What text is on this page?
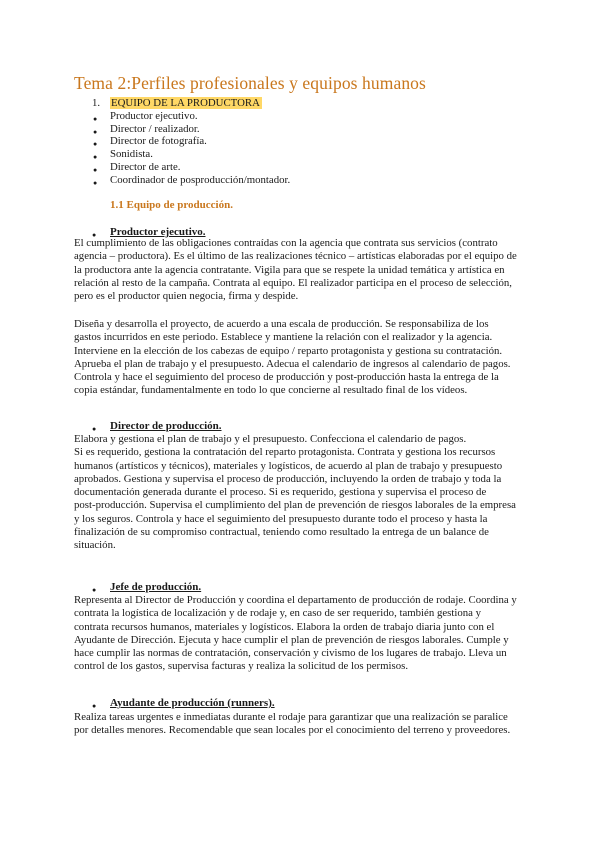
Tema 2:Perfiles profesionales y equipos humanos
1. EQUIPO DE LA PRODUCTORA
● Productor ejecutivo.
● Director / realizador.
● Director de fotografía.
● Sonidista.
● Director de arte.
● Coordinador de posproducción/montador.
1.1 Equipo de producción.
● Productor ejecutivo.
El cumplimiento de las obligaciones contraídas con la agencia que contrata sus servicios (contrato
agencia – productora). Es el último de las realizaciones técnico – artísticas elaboradas por el equipo de
la productora ante la agencia contratante. Vigila para que se respete la unidad temática y artística en
relación al resto de la campaña. Contrata al equipo. El realizador participa en el proceso de selección,
pero es el productor quien negocia, firma y despide.
Diseña y desarrolla el proyecto, de acuerdo a una escala de producción. Se responsabiliza de los
gastos incurridos en este periodo. Establece y mantiene la relación con el realizador y la agencia.
Interviene en la elección de los cabezas de equipo / reparto protagonista y gestiona su contratación.
Aprueba el plan de trabajo y el presupuesto. Adecua el calendario de ingresos al calendario de pagos.
Controla y hace el seguimiento del proceso de producción y post-producción hasta la entrega de la
copia estándar, fundamentalmente en todo lo que concierne al resultado final de los vídeos.
● Director de producción.
Elabora y gestiona el plan de trabajo y el presupuesto. Confecciona el calendario de pagos.
Si es requerido, gestiona la contratación del reparto protagonista. Contrata y gestiona los recursos
humanos (artísticos y técnicos), materiales y logísticos, de acuerdo al plan de trabajo y presupuesto
aprobados. Gestiona y supervisa el proceso de producción, incluyendo la orden de trabajo y toda la
documentación generada durante el proceso. Si es requerido, gestiona y supervisa el proceso de
post-producción. Supervisa el cumplimiento del plan de prevención de riesgos laborales de la empresa
y los seguros. Controla y hace el seguimiento del presupuesto durante todo el proceso y hasta la
finalización de su compromiso contractual, teniendo como resultado la entrega de un balance de
situación.
● Jefe de producción.
Representa al Director de Producción y coordina el departamento de producción de rodaje. Coordina y
contrata la logística de localización y de rodaje y, en caso de ser requerido, también gestiona y
contrata recursos humanos, materiales y logísticos. Elabora la orden de trabajo diaria junto con el
Ayudante de Dirección. Ejecuta y hace cumplir el plan de prevención de riesgos laborales. Cumple y
hace cumplir las normas de contratación, conservación y civismo de los lugares de trabajo. Lleva un
control de los gastos, supervisa facturas y realiza la solicitud de los permisos.
● Ayudante de producción (runners).
Realiza tareas urgentes e inmediatas durante el rodaje para garantizar que una realización se paralice
por detalles menores. Recomendable que sean locales por el conocimiento del terreno y proveedores.
